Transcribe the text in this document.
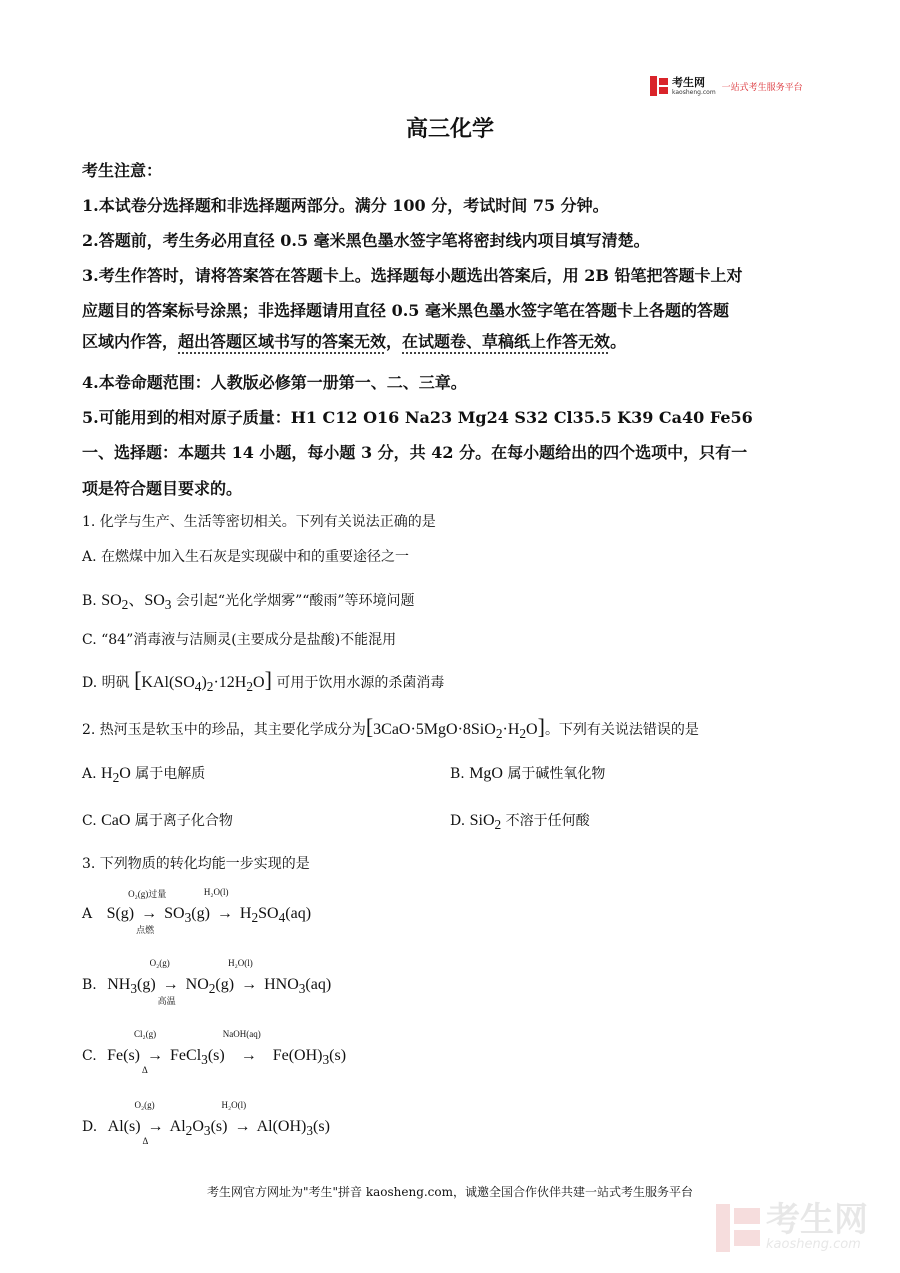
考生网
kaosheng.com 一站式考生服务平台
高三化学
考生注意：
1.本试卷分选择题和非选择题两部分。满分 100 分，考试时间 75 分钟。
2.答题前，考生务必用直径 0.5 毫米黑色墨水签字笔将密封线内项目填写清楚。
3.考生作答时，请将答案答在答题卡上。选择题每小题选出答案后，用 2B 铅笔把答题卡上对
应题目的答案标号涂黑；非选择题请用直径 0.5 毫米黑色墨水签字笔在答题卡上各题的答题
区域内作答，超出答题区域书写的答案无效，在试题卷、草稿纸上作答无效。
4.本卷命题范围：人教版必修第一册第一、二、三章。
5.可能用到的相对原子质量：H1 C12 O16 Na23 Mg24 S32 Cl35.5 K39 Ca40 Fe56
一、选择题：本题共 14 小题，每小题 3 分，共 42 分。在每小题给出的四个选项中，只有一
项是符合题目要求的。
1. 化学与生产、生活等密切相关。下列有关说法正确的是
A. 在燃煤中加入生石灰是实现碳中和的重要途径之一
B. $SO_2$、$SO_3$ 会引起“光化学烟雾”“酸雨”等环境问题
C. “84”消毒液与洁厕灵(主要成分是盐酸)不能混用
D. 明矾 $[KAl(SO_4)_2\cdot 12H_2O]$ 可用于饮用水源的杀菌消毒
2. 热河玉是软玉中的珍品，其主要化学成分为$[3CaO\cdot 5MgO\cdot 8SiO_2\cdot H_2O]$。下列有关说法错误的是
A. $H_2O$ 属于电解质	B. MgO 属于碱性氧化物
C. CaO 属于离子化合物	D. SiO$_2$ 不溶于任何酸
3. 下列物质的转化均能一步实现的是
A S(g)
O₂(g)过量
→
点燃
$SO_3(g)$
H₂O(l)
→ $H_2SO_4(aq)$
B. $NH_3(g)$
O₂(g)
→
高温
$NO_2(g)$
H₂O(l)
→ $HNO_3(aq)$
C. Fe(s)
Cl₂(g)
→
Δ
FeCl$_3$(s)
NaOH(aq)
→ $Fe(OH)_3(s)$
D. Al(s)
O₂(g)
→
Δ
$Al_2O_3(s)$
H₂O(l)
→ $Al(OH)_3(s)$
考生网官方网址为"考生"拼音 kaosheng.com，诚邀全国合作伙伴共建一站式考生服务平台
考生网
kaosheng.com
